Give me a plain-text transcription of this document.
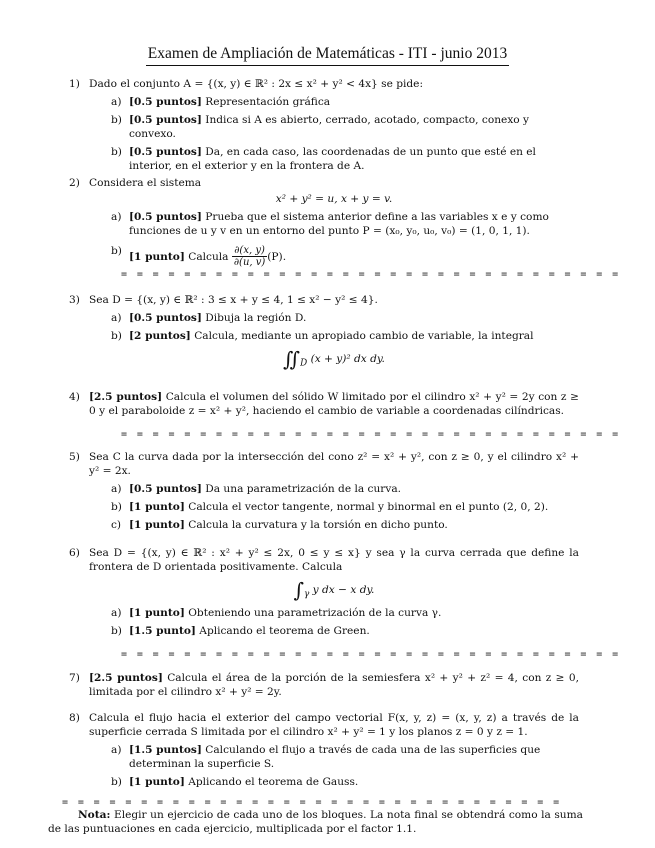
Examen de Ampliación de Matemáticas - ITI - junio 2013
1) Dado el conjunto A = {(x, y) ∈ ℝ² : 2x ≤ x² + y² < 4x} se pide:
a) [0.5 puntos] Representación gráfica
b) [0.5 puntos] Indica si A es abierto, cerrado, acotado, compacto, conexo y convexo.
b) [0.5 puntos] Da, en cada caso, las coordenadas de un punto que esté en el interior, en el exterior y en la frontera de A.
2) Considera el sistema
x² + y² = u, x + y = v.
a) [0.5 puntos] Prueba que el sistema anterior define a las variables x e y como funciones de u y v en un entorno del punto P = (x₀, y₀, u₀, v₀) = (1, 0, 1, 1).
b) [1 punto] Calcula $\frac{\partial(x, y)}{\partial(u, v)} (P)$.
= = = = = = = = = = = = = = = = = = = = = = = = = = = = = = = =
3) Sea D = {(x, y) ∈ ℝ² : 3 ≤ x + y ≤ 4, 1 ≤ x² − y² ≤ 4}.
a) [0.5 puntos] Dibuja la región D.
b) [2 puntos] Calcula, mediante un apropiado cambio de variable, la integral
$∬_D$ (x + y)² dx dy.
4) [2.5 puntos] Calcula el volumen del sólido W limitado por el cilindro x² + y² = 2y con z ≥ 0 y el paraboloide z = x² + y², haciendo el cambio de variable a coordenadas cilíndricas.
= = = = = = = = = = = = = = = = = = = = = = = = = = = = = = = =
5) Sea C la curva dada por la intersección del cono z² = x² + y², con z ≥ 0, y el cilindro x² + y² = 2x.
a) [0.5 puntos] Da una parametrización de la curva.
b) [1 punto] Calcula el vector tangente, normal y binormal en el punto (2, 0, 2).
c) [1 punto] Calcula la curvatura y la torsión en dicho punto.
6) Sea D = {(x, y) ∈ ℝ² : x² + y² ≤ 2x, 0 ≤ y ≤ x} y sea γ la curva cerrada que define la frontera de D orientada positivamente. Calcula
$\int_\gamma$ y dx − x dy.
a) [1 punto] Obteniendo una parametrización de la curva γ.
b) [1.5 punto] Aplicando el teorema de Green.
= = = = = = = = = = = = = = = = = = = = = = = = = = = = = = = =
7) [2.5 puntos] Calcula el área de la porción de la semiesfera x² + y² + z² = 4, con z ≥ 0, limitada por el cilindro x² + y² = 2y.
8) Calcula el flujo hacia el exterior del campo vectorial F(x, y, z) = (x, y, z) a través de la superficie cerrada S limitada por el cilindro x² + y² = 1 y los planos z = 0 y z = 1.
a) [1.5 puntos] Calculando el flujo a través de cada una de las superficies que determinan la superficie S.
b) [1 punto] Aplicando el teorema de Gauss.
= = = = = = = = = = = = = = = = = = = = = = = = = = = = = = = =
Nota: Elegir un ejercicio de cada uno de los bloques. La nota final se obtendrá como la suma de las puntuaciones en cada ejercicio, multiplicada por el factor 1.1.
